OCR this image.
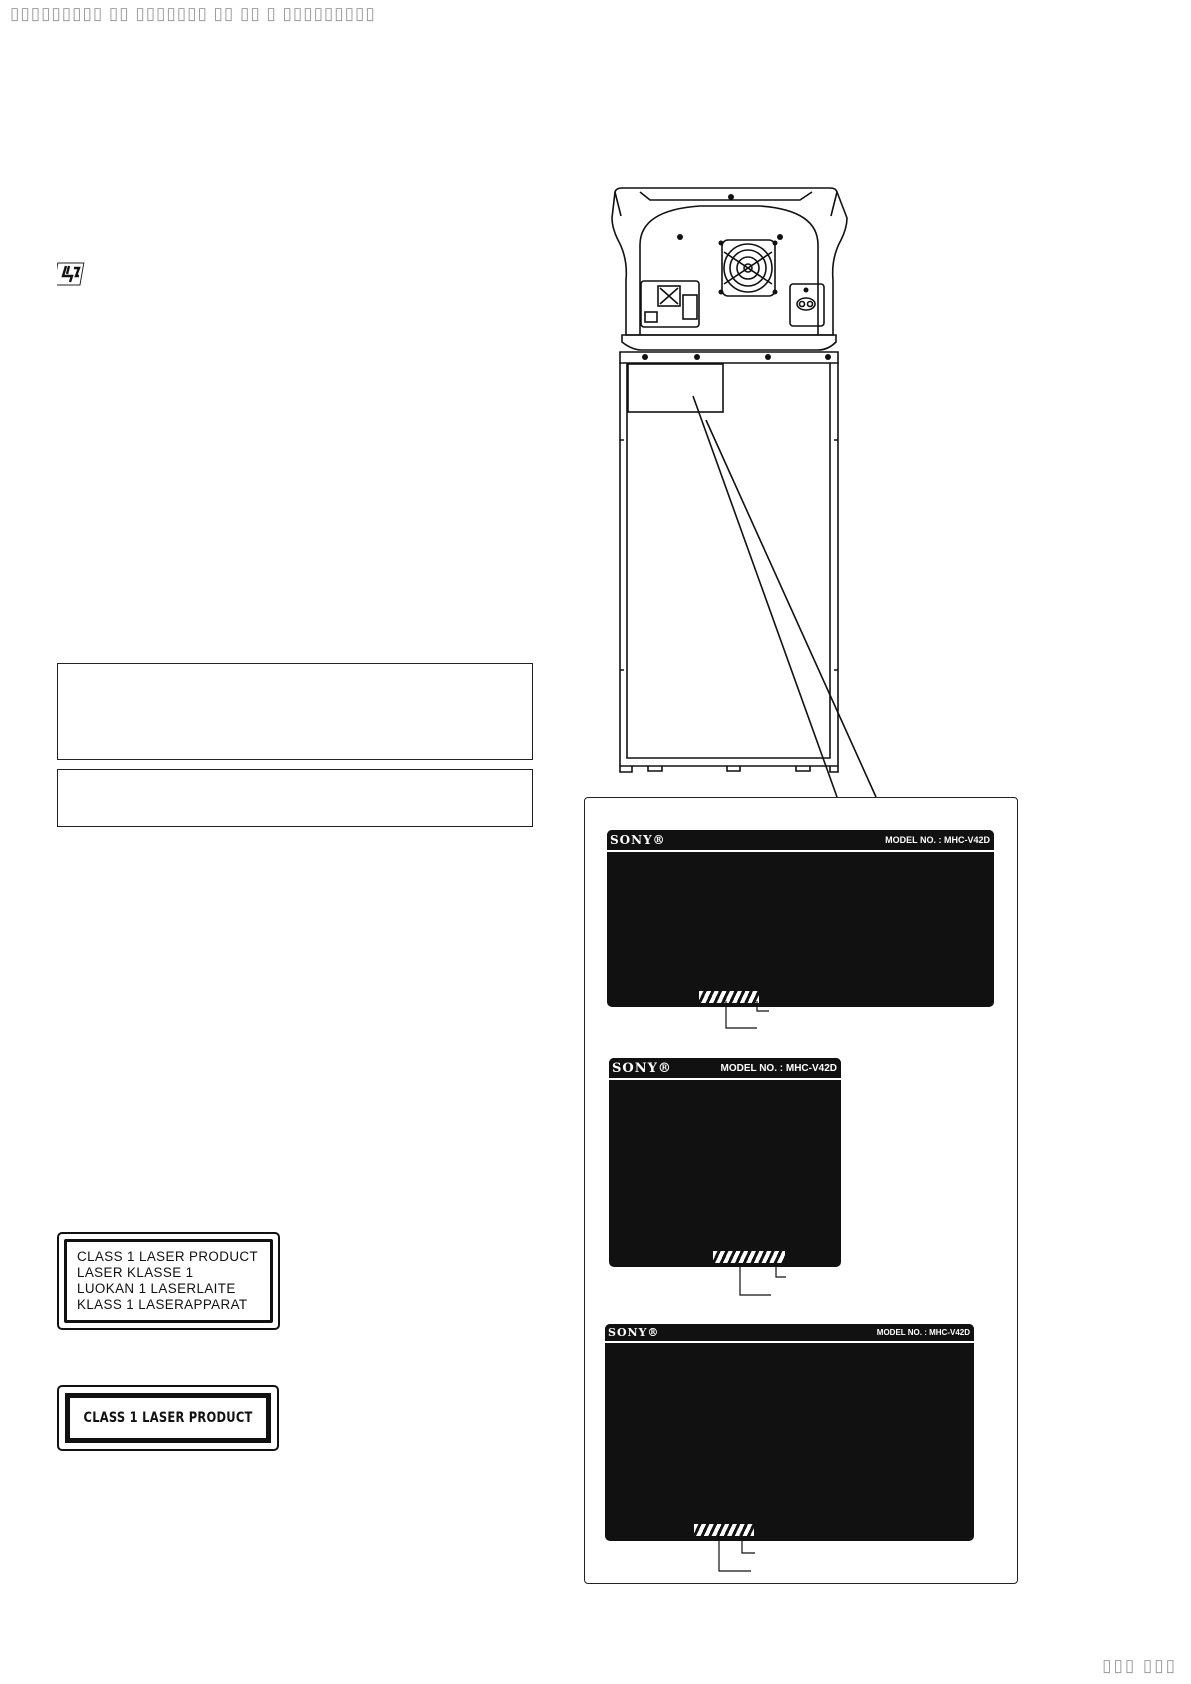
▯▯▯▯▯▯▯▯▯ ▯▯ ▯▯▯▯▯▯▯ ▯▯ ▯▯ ▯ ▯▯▯▯▯▯▯▯▯
CLASS 1 LASER PRODUCT
LASER KLASSE 1
LUOKAN 1 LASERLAITE
KLASS 1 LASERAPPARAT
CLASS 1 LASER PRODUCT
SONY®	MODEL NO. : MHC-V42D
SONY®	MODEL NO. : MHC-V42D
SONY®	MODEL NO. : MHC-V42D
▯▯▯ ▯▯▯
